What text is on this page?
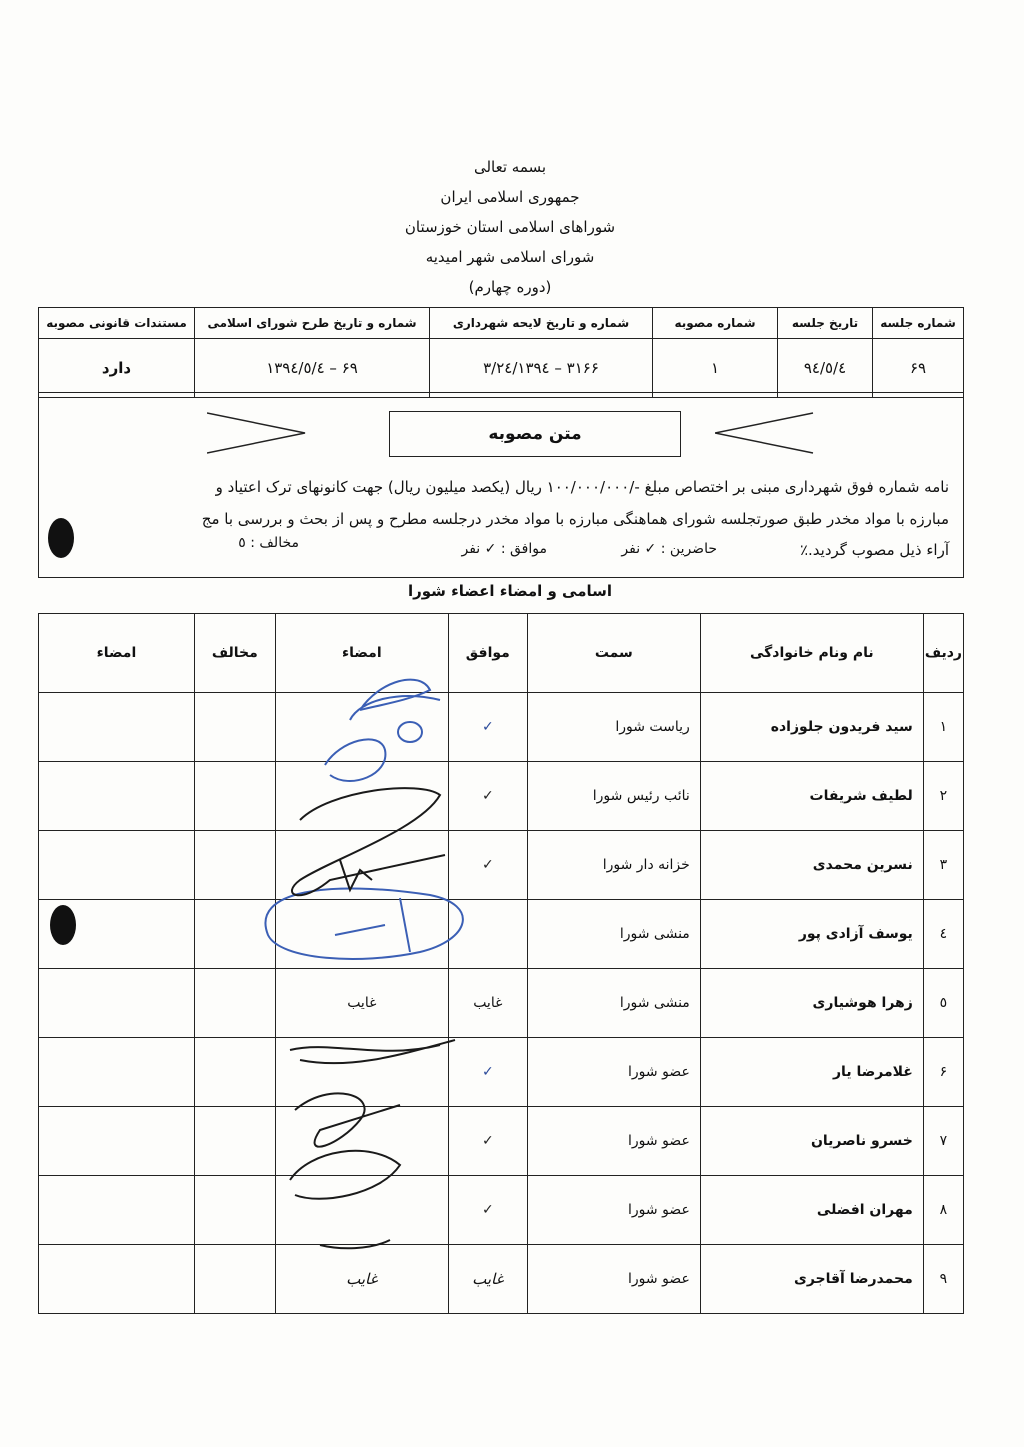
بسمه تعالی
جمهوری اسلامی ایران
شوراهای اسلامی استان خوزستان
شورای اسلامی شهر امیدیه
(دوره چهارم)
شماره جلسه	تاریخ جلسه	شماره مصوبه	شماره و تاریخ لایحه شهرداری	شماره و تاریخ طرح شورای اسلامی	مستندات قانونی مصوبه
۶۹	۹٤/٥/٤	۱	۳۱۶۶ – ۱۳۹٤/۳/۲٤	۶۹ – ۱۳۹٤/٥/٤	دارد
متن مصوبه
نامه شماره فوق شهرداری مبنی بر اختصاص مبلغ -/۱۰۰/۰۰۰/۰۰۰ ریال (یکصد میلیون ریال) جهت کانونهای ترک اعتیاد و
مبارزه با مواد مخدر طبق صورتجلسه شورای هماهنگی مبارزه با مواد مخدر درجلسه مطرح و پس از بحث و بررسی با مج
آراء ذیل مصوب گردید.٪
حاضرین : ✓ نفر
موافق : ✓ نفر
مخالف : ٥
اسامی و امضاء اعضاء شورا
ردیف	نام ونام خانوادگی	سمت	موافق	امضاء	مخالف	امضاء
۱	سید فریدون جلوزاده	ریاست شورا	✓			
۲	لطیف شریفات	نائب رئیس شورا	✓			
۳	نسرین محمدی	خزانه دار شورا	✓			
٤	یوسف آزادی پور	منشی شورا				
٥	زهرا هوشیاری	منشی شورا	غایب	غایب		
۶	غلامرضا یار	عضو شورا	✓			
۷	خسرو ناصریان	عضو شورا	✓			
۸	مهران افضلی	عضو شورا	✓			
۹	محمدرضا آقاجری	عضو شورا	غایب	غایب		
